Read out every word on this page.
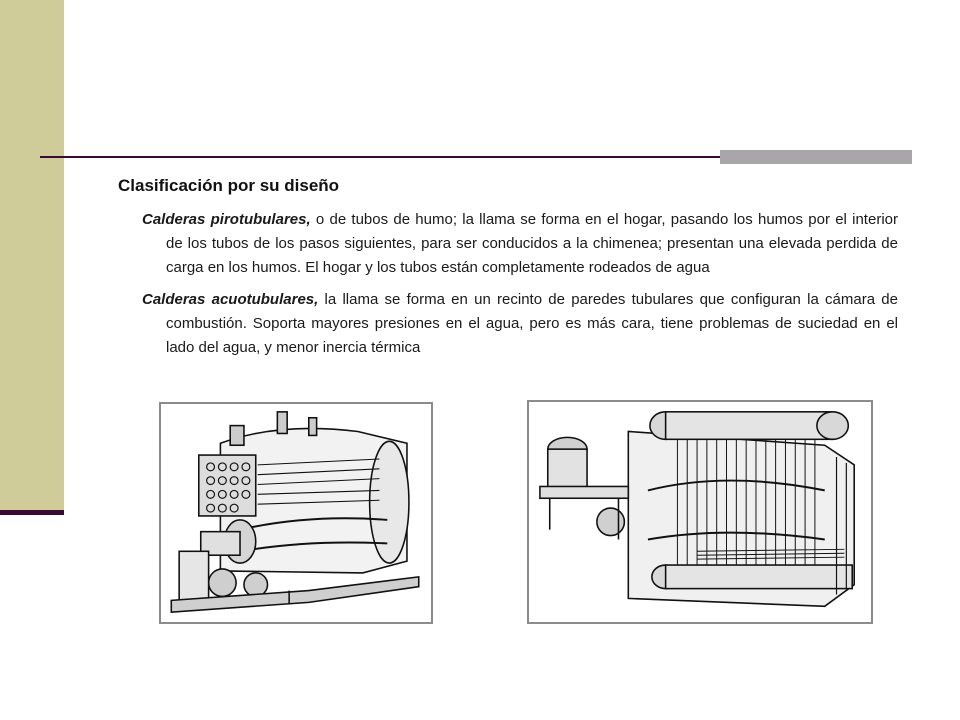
Clasificación por su diseño

Calderas pirotubulares, o de tubos de humo; la llama se forma en el hogar, pasando los humos por el interior de los tubos de los pasos siguientes, para ser conducidos a la chimenea; presentan una elevada perdida de carga en los humos. El hogar y los tubos están completamente rodeados de agua

Calderas acuotubulares, la llama se forma en un recinto de paredes tubulares que configuran la cámara de combustión. Soporta mayores presiones en el agua, pero es más cara, tiene problemas de suciedad en el lado del agua, y menor inercia térmica
